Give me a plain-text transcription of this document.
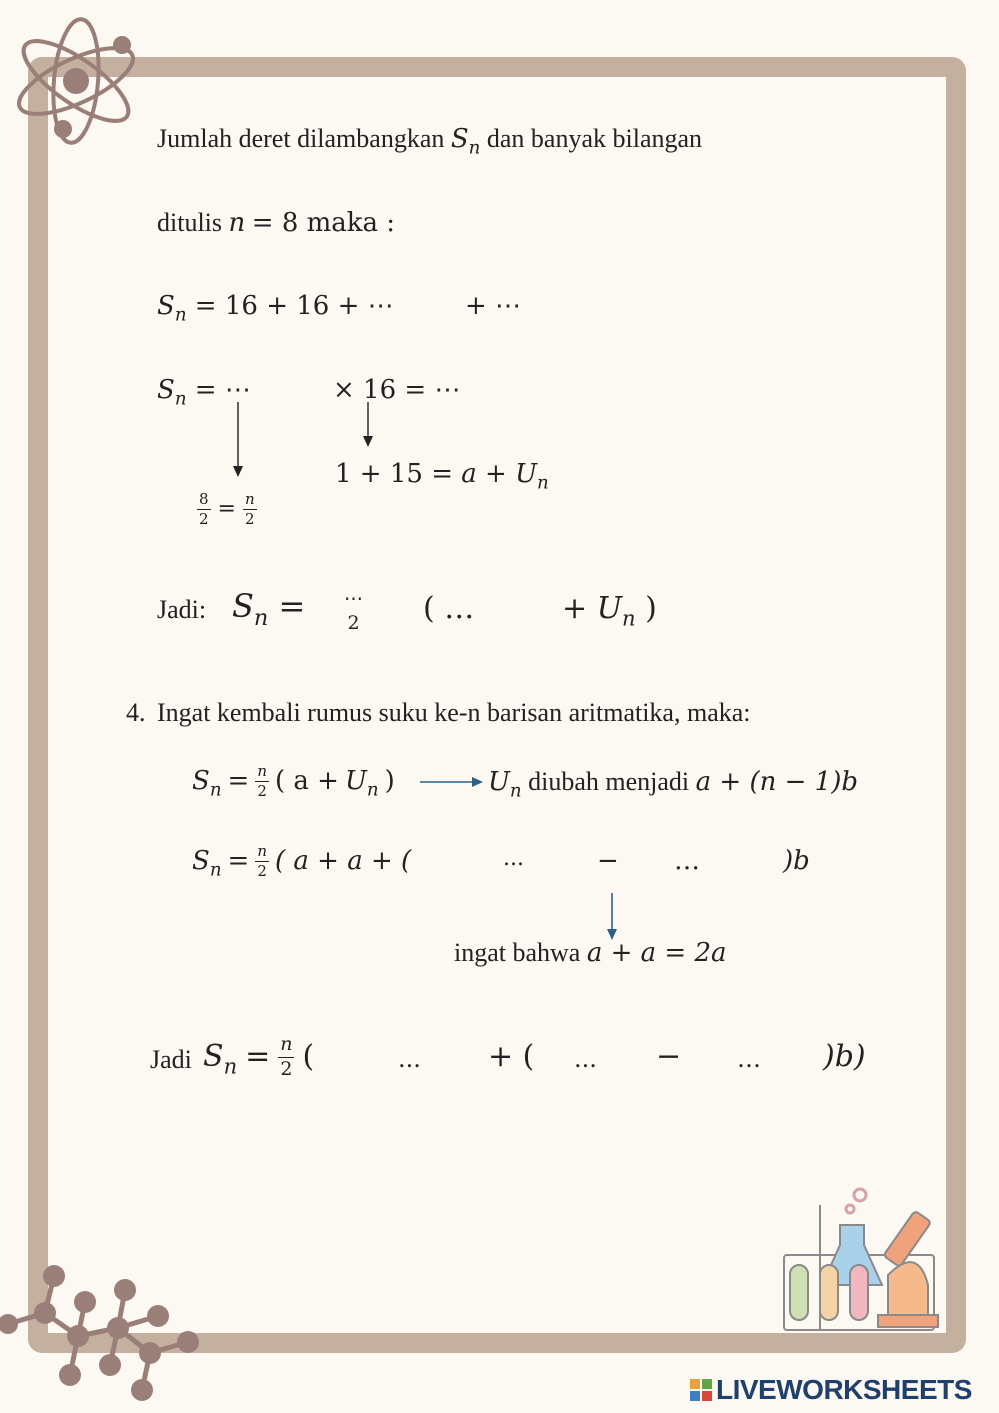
Jumlah deret dilambangkan $S_n$ dan banyak bilangan
ditulis n = 8 maka :
$S_n = 16 + 16$ + ⋯	+ ⋯
$S_n$ = ⋯	× 16 = ⋯
$1 + 15 = a + U_n$
$\frac{8}{2} = \frac{n}{2}$
Jadi: $S_n$ = ⋯
2 ( …	+ $U_n$ )
4. Ingat kembali rumus suku ke-n barisan aritmatika, maka:
$S_n = \frac{n}{2}$ ( $a + U_n$ )	$U_n$ diubah menjadi a + (n − 1)b
$S_n = \frac{n}{2}$ ( a + a + (	...	− …	)b
ingat bahwa a + a = 2a
Jadi $S_n = \frac{n}{2}$ (	... + ( ... − … )b)
LIVEWORKSHEETS
